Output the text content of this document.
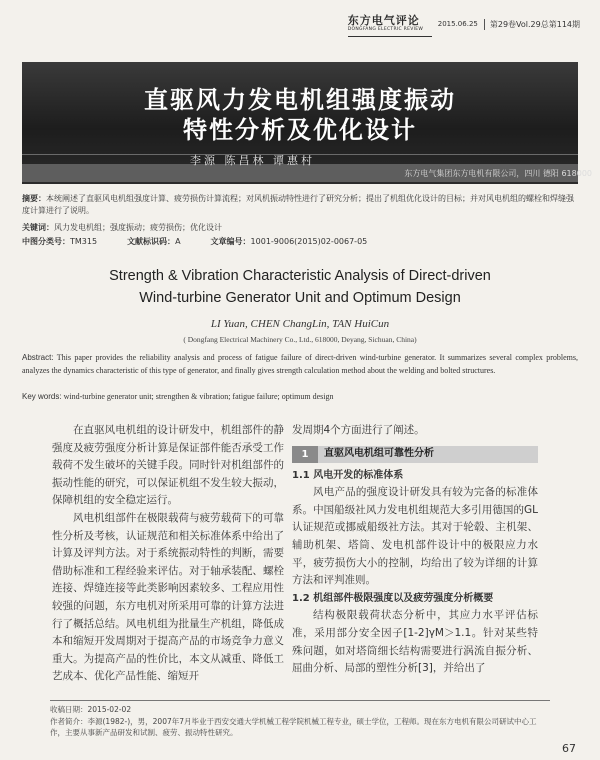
东方电气评论
DONGFANG ELECTRIC REVIEW
2015.06.25	第29卷Vol.29总第114期
直驱风力发电机组强度振动
特性分析及优化设计
李源 陈昌林 谭惠村
东方电气集团东方电机有限公司，四川 德阳 618000
摘要：本统阐述了直驱风电机组强度计算、疲劳损伤计算流程；对风机振动特性进行了研究分析；提出了机组优化设计的目标；并对风电机组的螺栓和焊缝强度计算进行了说明。
关键词：风力发电机组；强度振动；疲劳损伤；优化设计
中图分类号：TM315	文献标识码：A	文章编号：1001-9006(2015)02-0067-05
Strength & Vibration Characteristic Analysis of Direct-driven
Wind-turbine Generator Unit and Optimum Design
LI Yuan, CHEN ChangLin, TAN HuiCun
( Dongfang Electrical Machinery Co., Ltd., 618000, Deyang, Sichuan, China)
Abstract: This paper provides the reliability analysis and process of fatigue failure of direct-driven wind-turbine generator. It summarizes several complex problems, analyzes the dynamics characteristic of this type of generator, and finally gives strength calculation method about the welding and bolted structures.
Key words: wind-turbine generator unit; strengthen & vibration; fatigue failure; optimum design

在直驱风电机组的设计研发中，机组部件的静强度及疲劳强度分析计算是保证部件能否承受工作载荷不发生破坏的关键手段。同时针对机组部件的振动性能的研究，可以保证机组不发生较大振动，保障机组的安全稳定运行。

风电机组部件在极限载荷与疲劳载荷下的可靠性分析及考核，认证规范和相关标准体系中给出了计算及评判方法。对于系统振动特性的判断，需要借助标准和工程经验来评估。对于轴承装配、螺栓连接、焊缝连接等此类影响因素较多、工程应用性较强的问题，东方电机对所采用可靠的计算方法进行了概括总结。风电机组为批量生产机组，降低成本和缩短开发周期对于提高产品的市场竞争力意义重大。为提高产品的性价比，本文从减重、降低工艺成本、优化产品性能、缩短开

发周期4个方面进行了阐述。

1	直驱风电机组可靠性分析

1.1 风电开发的标准体系

风电产品的强度设计研发具有较为完备的标准体系。中国船级社风力发电机组规范大多引用德国的GL认证规范或挪威船级社方法。其对于轮毂、主机架、辅助机架、塔筒、发电机部件设计中的极限应力水平，疲劳损伤大小的控制，均给出了较为详细的计算方法和评判准则。

1.2 机组部件极限强度以及疲劳强度分析概要

结构极限载荷状态分析中，其应力水平评估标准，采用部分安全因子[1-2]γM＞1.1。针对某些特殊问题，如对塔筒细长结构需要进行涡流自振分析、屈曲分析、局部的塑性分析[3]，并给出了

收稿日期：2015-02-02
作者简介：李源(1982-)，男，2007年7月毕业于西安交通大学机械工程学院机械工程专业，硕士学位，工程师。现在东方电机有限公司研试中心工作，主要从事新产品研发和试制、疲劳、振动特性研究。
67
